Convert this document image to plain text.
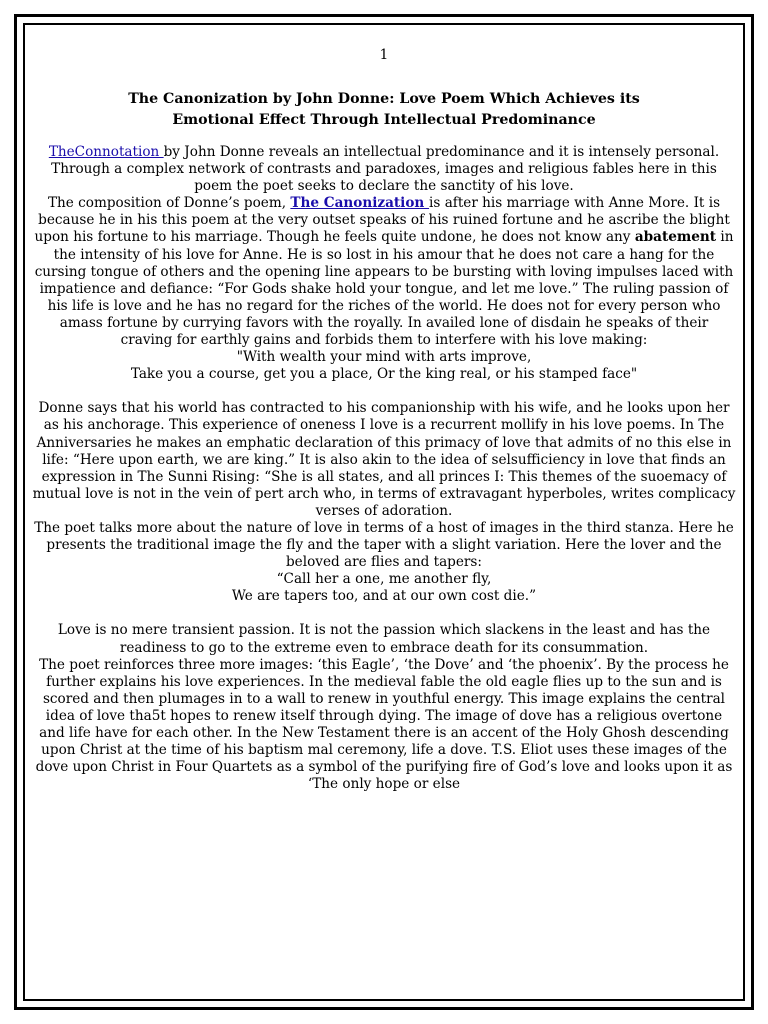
1
The Canonization by John Donne: Love Poem Which Achieves its
Emotional Effect Through Intellectual Predominance

TheConnotation by John Donne reveals an intellectual predominance and it is intensely personal. Through a complex network of contrasts and paradoxes, images and religious fables here in this poem the poet seeks to declare the sanctity of his love.

The composition of Donne’s poem, The Canonization is after his marriage with Anne More. It is because he in his this poem at the very outset speaks of his ruined fortune and he ascribe the blight upon his fortune to his marriage. Though he feels quite undone, he does not know any abatement in the intensity of his love for Anne. He is so lost in his amour that he does not care a hang for the cursing tongue of others and the opening line appears to be bursting with loving impulses laced with impatience and defiance: “For Gods shake hold your tongue, and let me love.” The ruling passion of his life is love and he has no regard for the riches of the world. He does not for every person who amass fortune by currying favors with the royally. In availed lone of disdain he speaks of their craving for earthly gains and forbids them to interfere with his love making:

"With wealth your mind with arts improve,

Take you a course, get you a place, Or the king real, or his stamped face"

Donne says that his world has contracted to his companionship with his wife, and he looks upon her as his anchorage. This experience of oneness I love is a recurrent mollify in his love poems. In The Anniversaries he makes an emphatic declaration of this primacy of love that admits of no this else in life: “Here upon earth, we are king.” It is also akin to the idea of selsufficiency in love that finds an expression in The Sunni Rising: “She is all states, and all princes I: This themes of the suoemacy of mutual love is not in the vein of pert arch who, in terms of extravagant hyperboles, writes complicacy verses of adoration.

The poet talks more about the nature of love in terms of a host of images in the third stanza. Here he presents the traditional image the fly and the taper with a slight variation. Here the lover and the beloved are flies and tapers:

“Call her a one, me another fly,

We are tapers too, and at our own cost die.”

Love is no mere transient passion. It is not the passion which slackens in the least and has the readiness to go to the extreme even to embrace death for its consummation.

The poet reinforces three more images: ‘this Eagle’, ‘the Dove’ and ‘the phoenix’. By the process he further explains his love experiences. In the medieval fable the old eagle flies up to the sun and is scored and then plumages in to a wall to renew in youthful energy. This image explains the central idea of love tha5t hopes to renew itself through dying. The image of dove has a religious overtone and life have for each other. In the New Testament there is an accent of the Holy Ghosh descending upon Christ at the time of his baptism mal ceremony, life a dove. T.S. Eliot uses these images of the dove upon Christ in Four Quartets as a symbol of the purifying fire of God’s love and looks upon it as ‘The only hope or else
